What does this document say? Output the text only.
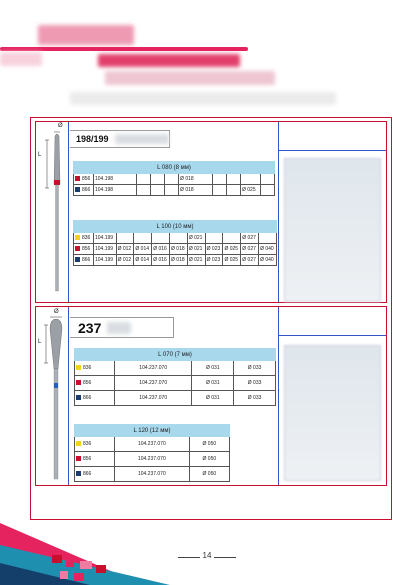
Ø
L
198/199
L 080 (8 мм)									
856	104.198				Ø 018				
866	104.198				Ø 018			Ø 025	
L 100 (10 мм)										
836	104.199					Ø 021			Ø 027	
856	104.199	Ø 012	Ø 014	Ø 016	Ø 018	Ø 021	Ø 023	Ø 025	Ø 027	Ø 040
866	104.199	Ø 012	Ø 014	Ø 016	Ø 018	Ø 021	Ø 023	Ø 025	Ø 027	Ø 040
Ø
L
237
L 070 (7 мм)			
836	104.237.070	Ø 031	Ø 033
856	104.237.070	Ø 031	Ø 033
866	104.237.070	Ø 031	Ø 033
L 120 (12 мм)		
836	104.237.070	Ø 050
856	104.237.070	Ø 050
866	104.237.070	Ø 050
14
